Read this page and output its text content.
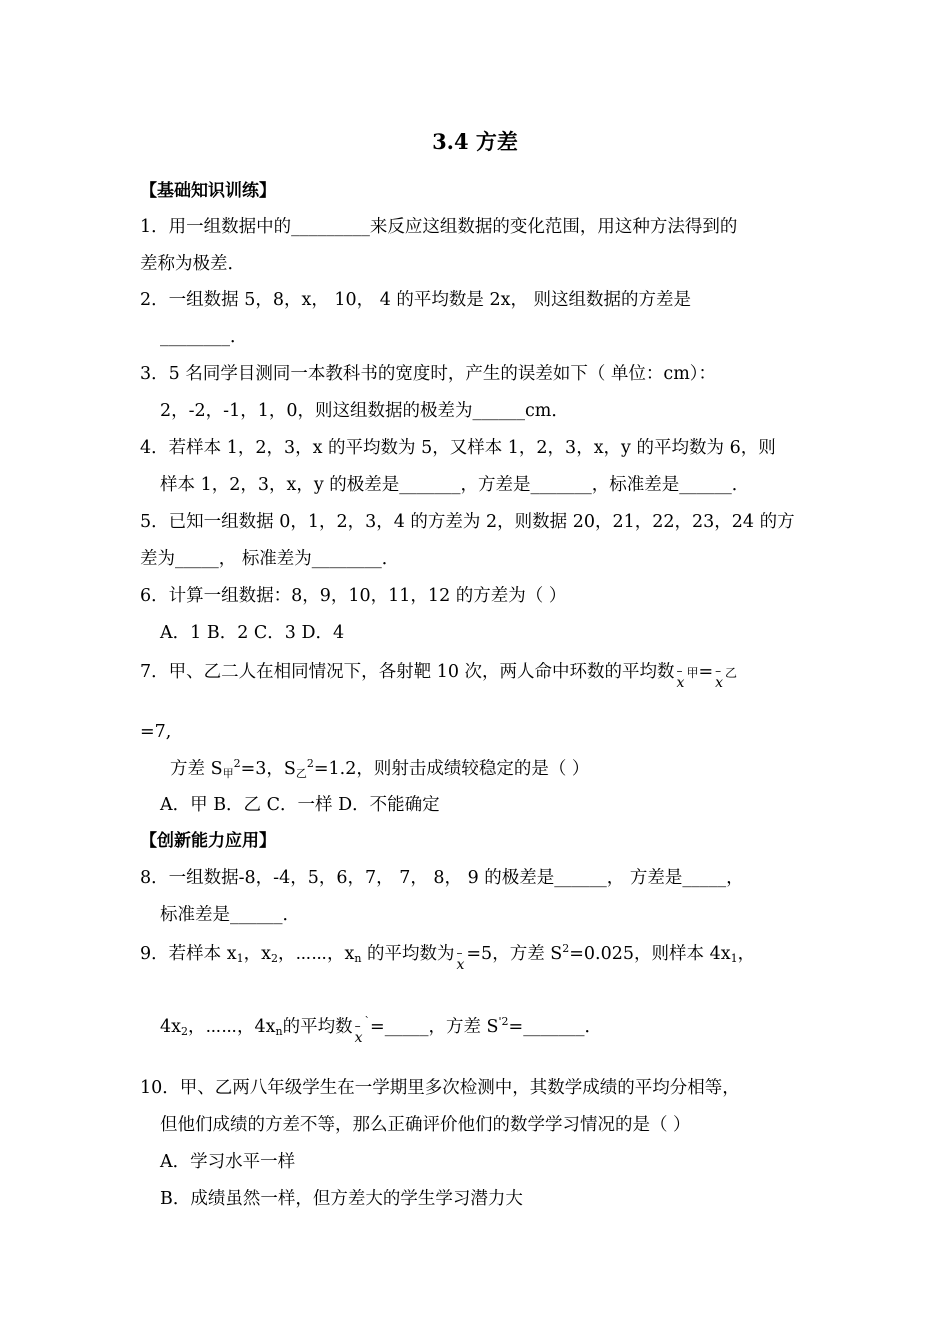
3.4 方差
【基础知识训练】
1．用一组数据中的_________来反应这组数据的变化范围，用这种方法得到的
差称为极差．
2．一组数据 5，8，x， 10， 4 的平均数是 2x， 则这组数据的方差是
________．
3．5 名同学目测同一本教科书的宽度时，产生的误差如下（ 单位：cm）：
2，-2，-1，1，0，则这组数据的极差为______cm．
4．若样本 1，2，3，x 的平均数为 5，又样本 1，2，3，x，y 的平均数为 6，则
样本 1，2，3，x，y 的极差是_______，方差是_______，标准差是______．
5．已知一组数据 0，1，2，3，4 的方差为 2，则数据 20，21，22，23，24 的方
差为_____， 标准差为________．
6．计算一组数据：8，9，10，11，12 的方差为（ ）
A．1 B．2 C．3 D．4
7．甲、乙二人在相同情况下，各射靶 10 次，两人命中环数的平均数– x甲=– x乙
=7,
方差 $S_甲^2=3$，$S_乙^2=1.2$，则射击成绩较稳定的是（ ）
A．甲 B．乙 C．一样 D．不能确定
【创新能力应用】
8．一组数据-8，-4，5，6，7， 7， 8， 9 的极差是______， 方差是_____，
标准差是______．
9．若样本 $x_1$，$x_2$，⋯⋯，$x_n$ 的平均数为– x=5，方差 $S^2=0.025$，则样本 $4x_1$，
$4x_2$，⋯⋯，$4x_n$的平均数– x`=_____，方差 $S^{'2}=\_\_\_\_\_\_\_$．
10．甲、乙两八年级学生在一学期里多次检测中，其数学成绩的平均分相等，
但他们成绩的方差不等，那么正确评价他们的数学学习情况的是（ ）
A．学习水平一样
B．成绩虽然一样，但方差大的学生学习潜力大
